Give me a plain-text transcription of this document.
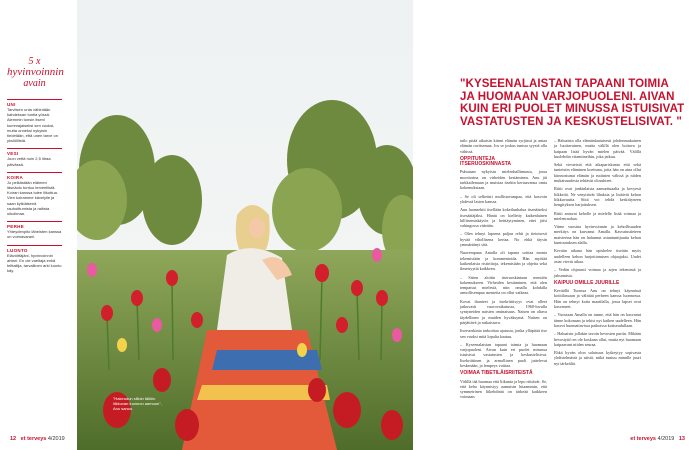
5 x
hyvinvoinnin
avain
UNI
Tarvitsen unta vähintään kahdeksan tuntia yössä. Aiemmin tunsin itseni kummajaiseksi sen vuoksi, mutta onneksi nykyisin tiedetään, että unen tarve on yksilöllistä.
VESI
Juon vettä noin 2,5 litraa päivässä.
KOIRA
Jo pelkästään eläimen läsnäolo tuntuu terveellistä. Koiran kanssa tulee liikuttua. Vien koiramme kävelylle ja saan kylkiäisenä rauhoittumista ja raitista ulkoilmaa.
PERHE
Yhteydenpito läheisten kanssa on voimavarani.
LUONTO
Elävöittäjäni, hyvinvoinnin ahtari. En ole vaeltaja enkä telttailija, tarvallinen arki luonto käy.
"Hakeudun silloin tällöin liikkuvan luonnon aamuun", Anu sanoo.
"KYSEENALAISTAN TAPAANI TOIMIA JA HUOMAAN VARJOPUOLENI. AIVAN KUIN ERI PUOLET MINUSSA ISTUISIVAT VASTATUSTEN JA KESKUSTELISIVAT. "

tailo pitää aikaisin kiinni elämän syrjässä ja antaa elämän ravitsemaa. Jos se joskus tuntuu syystä olla vähissä.

OPPITUNTEJA ITSERUOSKINNASTA

Puhutaan nykyisin mielenhallinnasta, jossa moottorina on virheiden kestäminen. Anu jäi tarkkailemaan ja muistaa itsekin kertaavansa omia kokemuksiaan.

– Se oli selkeästi mullistavampaa, että kasvoin yhdessä lasten kanssa.

Anu luonnehtii itsellään kokeilunhalua itsenäiseksi itsesäätäjäksi. Häntä on kielletty kaikenlainen hillitsemiskäytös ja heittäytyminen, ettei jäisi vahingossa väärään.

– Olen tehnyt lapsena paljon rehti ja tietoisesti hyvää vihollisena kertaa. No ehkä täysin ymmärtänyt sitä.

Nuorempana Amalla oli tapana soittaa monia tekemisiään ja kommentoida. Hän myötää kaikenlaisia ristiriitoja, tekemisiään ja ohjeita sekä ilmeisyyttä kaikkeen.

– Sitten aloitin itseruoskintaan mentiön kokemukseen. Virheiden kestäminen, että olen tempaisut mielestä, niin omalla kohdalla armollisempaa asenteita on ollut vaikeaa.

Kovat ihanteet ja itsekriittisyys ovat olleet jatkuvasti vuorovaikutusta, 1960-luvulla syntyneiden naisten ominaisuus. Naisen on oltava täydellinen ja muiden hyväksymä. Naisen on pärjättävä ja ratkaistava.

Itseruoskinta tarkoittaa ajatusta, jonka ylläpitää itse sen vuoksi mitä lopulta kaatuu.

– Kyseenalaistan tapaani toimia ja huomaan varjopuoleni. Aivan kuin eri puolet minussa istuisivat vastatusten ja keskustelisivat. Itsekriittinen ja armollinen puoli juttelevat keskenään, ja lempeys voittaa.

VOIMAA TIBETILÄISRIITEISTÄ

Välillä tää huomaa että liikunta ja lepo riittävät. Se, että keho käynnistyy aamuisin hitaammin, että symmetrinen liikehdintä on tärkeää kaikkeen voimaan.

– Haluaisin olla elämänlaatuisesti johdonmukainen ja luottavainen, mutta välillä olen hoitava ja kaipaan lisää hyvän mielen päivää. Välillä huolehdin vitamiineihin, joka jatkuu.

Sekä viesteistä että aikapariskunta että sekä tunteisiin eläminen koettuna, joita hän on aina ollut kiinnostunut elämän ja rutiinien välissä ja niiden mukaisuudesta tehtävät olosuhteet.

Ritiit ovat jonkinlaista aamurituaalia ja kevyesti liikkeitä. Ne venyttävät lihaksia ja lisäävät kehon liikkuvuutta. Siitä voi tehdä keskittyneen hengityksen harjoituksen.

Ritiit antavat keholle ja mielelle lisää voimaa ja mielenrauhaa.

Viime vuosina hyvinvoinnin ja kehollisuuden merkitys on kasvanut Amalla. Kasvatustieteen maisterina hän on halunnut asiantuntijuutta kehon kuntoutuksen alalla.

Kevään aikana hän opiskelee itseään myös uudelleen kehon harjoittamisen ohjaajaksi. Uudet asiat vievät aikaa.

– Vedän ohjatusti voimaa ja arjen tekemistä ja jaksamista.

KAIPUU OMILLE JUURILLE

Keväällä Turussa Anu on tehnyt käynnissä kotitilassaan ja välittää perheen kanssa luonnossa. Hän on tehnyt kotia maatilalla, jossa lapset ovat kasvaneet.

– Vuosiaan Amalla on tunne, että hän on kasvanut tänne kokonaan ja tekisi nyt kaiken uudelleen. Hän kasvoi huomattavissa paikoissa kotiseudullaan.

– Haluaisin jollakin tavoin hevosten pariin. Mikään hevostyttö en ole koskaan ollut, mutta nyt huomaan kaipaavani niiden seuraa.

Ehkä hyvän olon salaisuus kytkeytyy sopivasta yhdistelmästä ja niistä, mikä tuntuu minulle juuri nyt tärkeältä.

12 et terveys 4/2019	et terveys 4/2019 13
